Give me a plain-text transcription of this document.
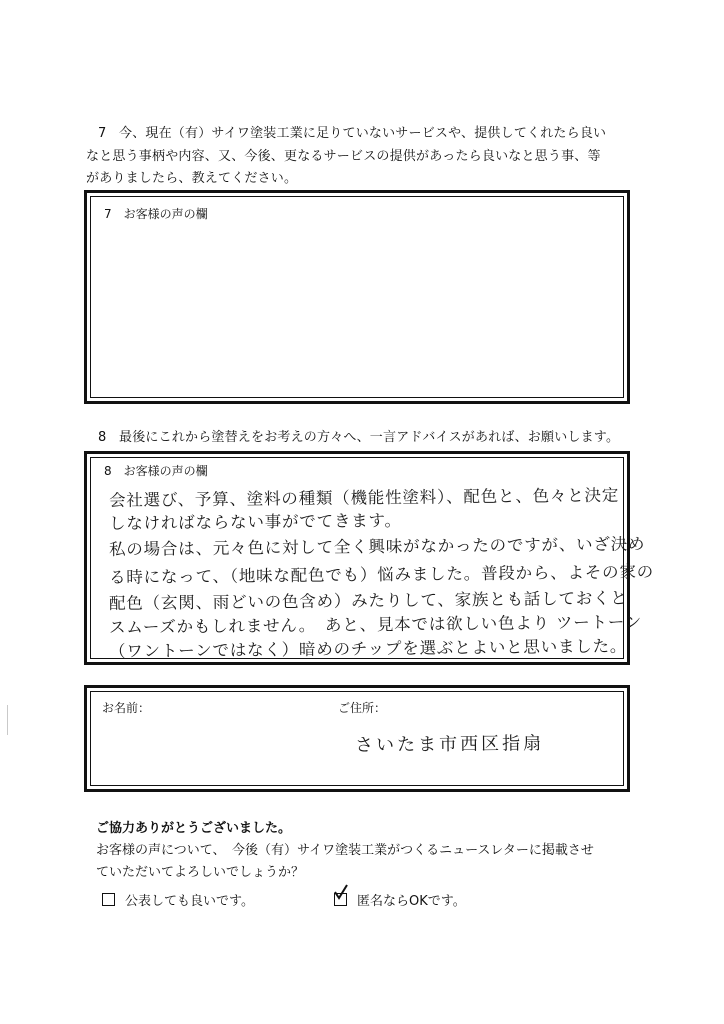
7 今、現在（有）サイワ塗装工業に足りていないサービスや、提供してくれたら良い
なと思う事柄や内容、又、今後、更なるサービスの提供があったら良いなと思う事、等
がありましたら、教えてください。
7　お客様の声の欄
8 最後にこれから塗替えをお考えの方々へ、一言アドバイスがあれば、お願いします。
8　お客様の声の欄
会社選び、予算、塗料の種類（機能性塗料）、配色と、色々と決定
しなければならない事がでてきます。
私の場合は、元々色に対して全く興味がなかったのですが、いざ決め
る時になって、（地味な配色でも）悩みました。普段から、よその家の
配色（玄関、雨どいの色含め）みたりして、家族とも話しておくと
スムーズかもしれません。　あと、見本では欲しい色より ツートーン
（ワントーンではなく）暗めのチップを選ぶとよいと思いました。
お名前：	ご住所：
さいたま市西区指扇
ご協力ありがとうございました。
お客様の声について、　今後（有）サイワ塗装工業がつくるニュースレターに掲載させ
ていただいてよろしいでしょうか？
公表しても良いです。	匿名ならOKです。
